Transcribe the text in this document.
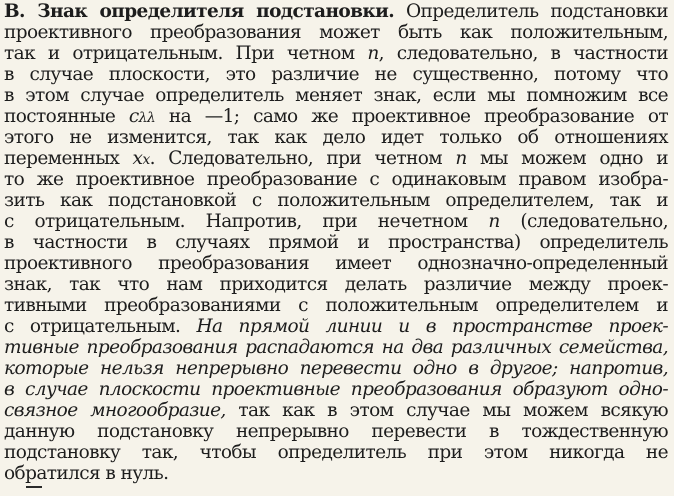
В. Знак определителя подстановки. Определитель подстановки
проективного преобразования может быть как положительным,
так и отрицательным. При четном n, следовательно, в частности
в случае плоскости, это различие не существенно, потому что
в этом случае определитель меняет знак, если мы помножим все
постоянные cλλ на —1; само же проективное преобразование от
этого не изменится, так как дело идет только об отношениях
переменных xx. Следовательно, при четном n мы можем одно и
то же проективное преобразование с одинаковым правом изобра-
зить как подстановкой с положительным определителем, так и
с отрицательным. Напротив, при нечетном n (следовательно,
в частности в случаях прямой и пространства) определитель
проективного преобразования имеет однозначно-определенный
знак, так что нам приходится делать различие между проек-
тивными преобразованиями с положительным определителем и
с отрицательным. На прямой линии и в пространстве проек-
тивные преобразования распадаются на два различных семейства,
которые нельзя непрерывно перевести одно в другое; напротив,
в случае плоскости проективные преобразования образуют одно-
связное многообразие, так как в этом случае мы можем всякую
данную подстановку непрерывно перевести в тождественную
подстановку так, чтобы определитель при этом никогда не
обратился в нуль.
